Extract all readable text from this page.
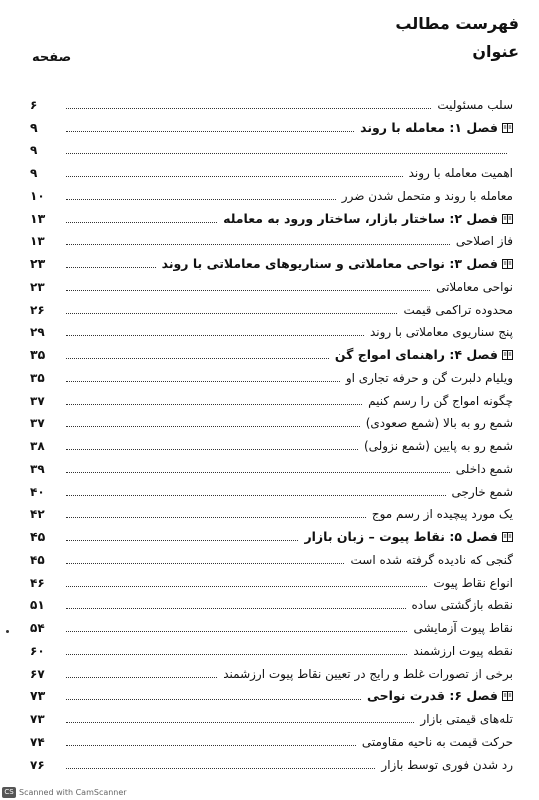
فهرست مطالب
عنوان
صفحه
سلب مسئولیت
۶
فصل ۱: معامله با روند
۹
۹
اهمیت معامله با روند
۹
معامله با روند و متحمل شدن ضرر
۱۰
فصل ۲: ساختار بازار، ساختار ورود به معامله
۱۳
فاز اصلاحی
۱۳
فصل ۳: نواحی معاملاتی و سناریوهای معاملاتی با روند
۲۳
نواحی معاملاتی
۲۳
محدوده تراکمی قیمت
۲۶
پنج سناریوی معاملاتی با روند
۲۹
فصل ۴: راهنمای امواج گن
۳۵
ویلیام دلبرت گن و حرفه تجاری او
۳۵
چگونه امواج گن را رسم کنیم
۳۷
شمع رو به بالا (شمع صعودی)
۳۷
شمع رو به پایین (شمع نزولی)
۳۸
شمع داخلی
۳۹
شمع خارجی
۴۰
یک مورد پیچیده از رسم موج
۴۲
فصل ۵: نقاط پیوت – زبان بازار
۴۵
گنجی که نادیده گرفته شده است
۴۵
انواع نقاط پیوت
۴۶
نقطه بازگشتی ساده
۵۱
نقاط پیوت آزمایشی
۵۴
نقطه پیوت ارزشمند
۶۰
برخی از تصورات غلط و رایج در تعیین نقاط پیوت ارزشمند
۶۷
فصل ۶: قدرت نواحی
۷۳
تله‌های قیمتی بازار
۷۳
حرکت قیمت به ناحیه مقاومتی
۷۴
رد شدن فوری توسط بازار
۷۶
CS Scanned with CamScanner
